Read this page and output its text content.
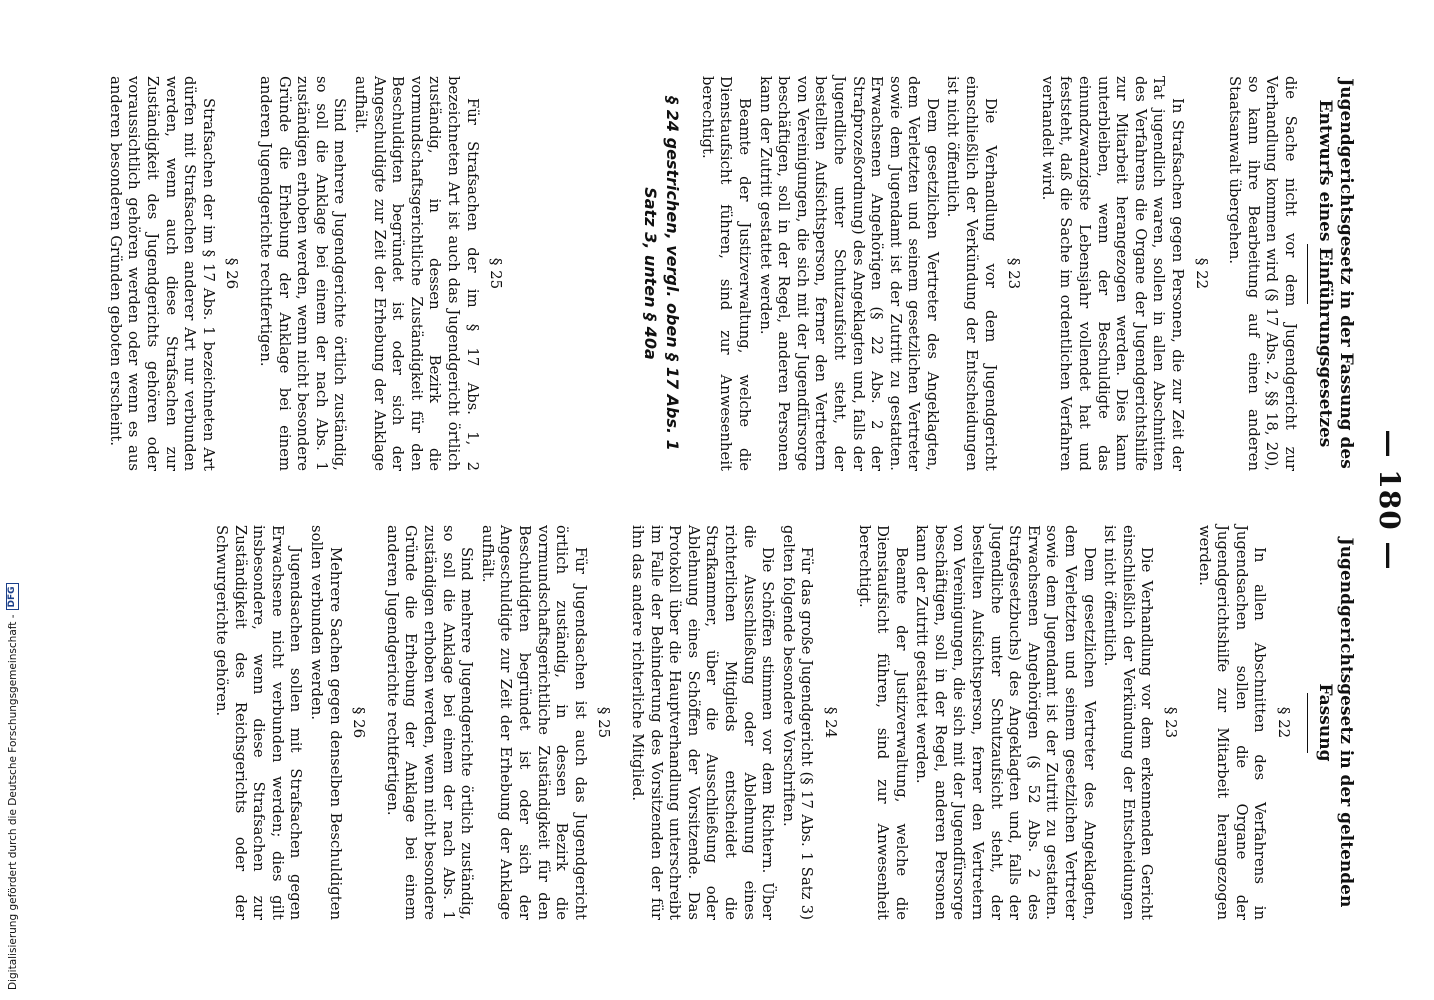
— 180 —
Jugendgerichtsgesetz in der Fassung des Entwurfs eines Einführungsgesetzes

die Sache nicht vor dem Jugendgericht zur Verhandlung kommen wird (§ 17 Abs. 2, §§ 18, 20), so kann ihre Bearbeitung auf einen anderen Staatsanwalt übergehen.

§ 22

In Strafsachen gegen Personen, die zur Zeit der Tat jugendlich waren, sollen in allen Abschnitten des Verfahrens die Organe der Jugendgerichtshilfe zur Mitarbeit herangezogen werden. Dies kann unterbleiben, wenn der Beschuldigte das einundzwanzigste Lebensjahr vollendet hat und feststeht, daß die Sache im ordentlichen Verfahren verhandelt wird.

§ 23

Die Verhandlung vor dem Jugendgericht einschließlich der Verkündung der Entscheidungen ist nicht öffentlich.

Dem gesetzlichen Vertreter des Angeklagten, dem Verletzten und seinem gesetzlichen Vertreter sowie dem Jugendamt ist der Zutritt zu gestatten. Erwachsenen Angehörigen (§ 22 Abs. 2 der Strafprozeßordnung) des Angeklagten und, falls der Jugendliche unter Schutzaufsicht steht, der bestellten Aufsichtsperson, ferner den Vertretern von Vereinigungen, die sich mit der Jugendfürsorge beschäftigen, soll in der Regel, anderen Personen kann der Zutritt gestattet werden.

Beamte der Justizverwaltung, welche die Dienstaufsicht führen, sind zur Anwesenheit berechtigt.

§ 24 gestrichen, vergl. oben § 17 Abs. 1 Satz 3, unten § 40a
§ 25

Für Strafsachen der im § 17 Abs. 1, 2 bezeichneten Art ist auch das Jugendgericht örtlich zuständig, in dessen Bezirk die vormundschaftsgerichtliche Zuständigkeit für den Beschuldigten begründet ist oder sich der Angeschuldigte zur Zeit der Erhebung der Anklage aufhält.

Sind mehrere Jugendgerichte örtlich zuständig, so soll die Anklage bei einem der nach Abs. 1 zuständigen erhoben werden, wenn nicht besondere Gründe die Erhebung der Anklage bei einem anderen Jugendgerichte rechtfertigen.

§ 26

Strafsachen der im § 17 Abs. 1 bezeichneten Art dürfen mit Strafsachen anderer Art nur verbunden werden, wenn auch diese Strafsachen zur Zuständigkeit des Jugendgerichts gehören oder voraussichtlich gehören werden oder wenn es aus anderen besonderen Gründen geboten erscheint.

Jugendgerichtsgesetz in der geltenden Fassung
§ 22

In allen Abschnitten des Verfahrens in Jugendsachen sollen die Organe der Jugendgerichtshilfe zur Mitarbeit herangezogen werden.

§ 23

Die Verhandlung vor dem erkennenden Gericht einschließlich der Verkündung der Entscheidungen ist nicht öffentlich.

Dem gesetzlichen Vertreter des Angeklagten, dem Verletzten und seinem gesetzlichen Vertreter sowie dem Jugendamt ist der Zutritt zu gestatten. Erwachsenen Angehörigen (§ 52 Abs. 2 des Strafgesetzbuchs) des Angeklagten und, falls der Jugendliche unter Schutzaufsicht steht, der bestellten Aufsichtsperson, ferner den Vertretern von Vereinigungen, die sich mit der Jugendfürsorge beschäftigen, soll in der Regel, anderen Personen kann der Zutritt gestattet werden.

Beamte der Justizverwaltung, welche die Dienstaufsicht führen, sind zur Anwesenheit berechtigt.

§ 24

Für das große Jugendgericht (§ 17 Abs. 1 Satz 3) gelten folgende besondere Vorschriften.

Die Schöffen stimmen vor dem Richtern. Über die Ausschließung oder Ablehnung eines richterlichen Mitglieds entscheidet die Strafkammer, über die Ausschließung oder Ablehnung eines Schöffen der Vorsitzende. Das Protokoll über die Hauptverhandlung unterschreibt im Falle der Behinderung des Vorsitzenden der für ihn das andere richterliche Mitglied.

§ 25

Für Jugendsachen ist auch das Jugendgericht örtlich zuständig, in dessen Bezirk die vormundschaftsgerichtliche Zuständigkeit für den Beschuldigten begründet ist oder sich der Angeschuldigte zur Zeit der Erhebung der Anklage aufhält.

Sind mehrere Jugendgerichte örtlich zuständig, so soll die Anklage bei einem der nach Abs. 1 zuständigen erhoben werden, wenn nicht besondere Gründe die Erhebung der Anklage bei einem anderen Jugendgerichte rechtfertigen.

§ 26

Mehrere Sachen gegen denselben Beschuldigten sollen verbunden werden.

Jugendsachen sollen mit Strafsachen gegen Erwachsene nicht verbunden werden; dies gilt insbesondere, wenn diese Strafsachen zur Zuständigkeit des Reichsgerichts oder der Schwurgerichte gehören.

Digitalisierung gefördert durch die Deutsche Forschungsgemeinschaft -
DFG
